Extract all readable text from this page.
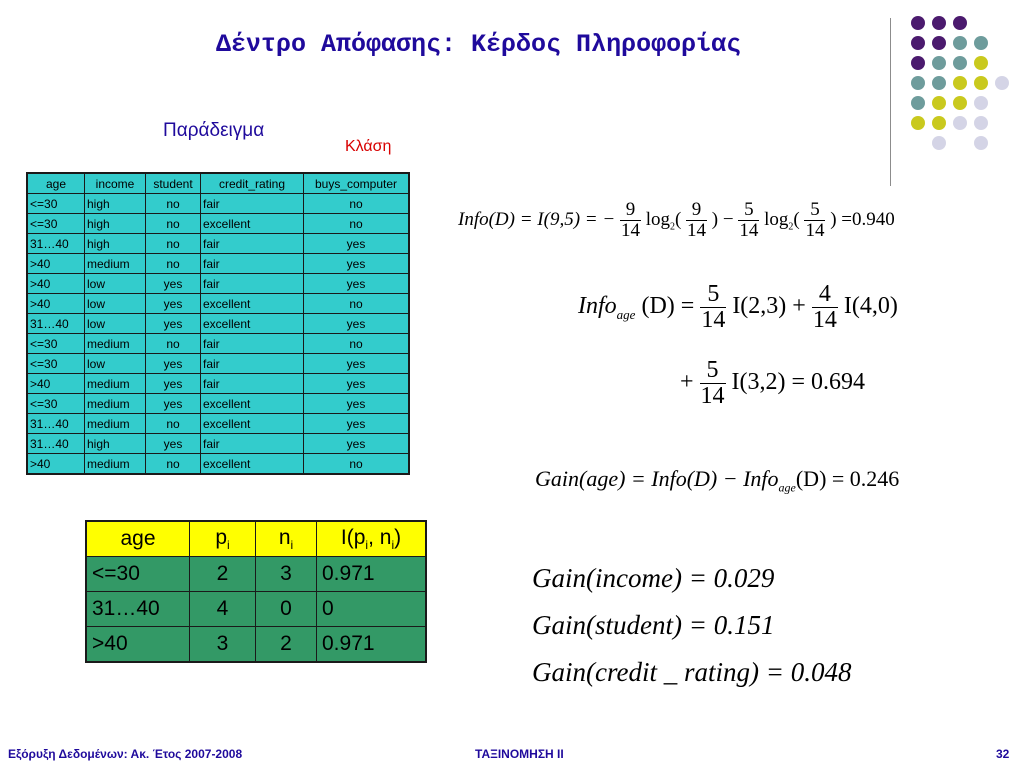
Δέντρο Απόφασης: Κέρδος Πληροφορίας
Παράδειγμα
Κλάση
age	income	student	credit_rating	buys_computer
<=30	high	no	fair	no
<=30	high	no	excellent	no
31…40	high	no	fair	yes
>40	medium	no	fair	yes
>40	low	yes	fair	yes
>40	low	yes	excellent	no
31…40	low	yes	excellent	yes
<=30	medium	no	fair	no
<=30	low	yes	fair	yes
>40	medium	yes	fair	yes
<=30	medium	yes	excellent	yes
31…40	medium	no	excellent	yes
31…40	high	yes	fair	yes
>40	medium	no	excellent	no
age	$p_i$	$n_i$	$I(p_i$, $n_i$)
<=30	2	3	0.971
31…40	4	0	0
>40	3	2	0.971
Info(D) = I(9,5) = − $\frac{9}{14} \log_2( \frac{9}{14}$ ) − $\frac{5}{14} \log_2( \frac{5}{14}$ ) =0.940
Info$_{age}$ $(D) = \frac{5}{14} I(2,3) + \frac{4}{14} I(4,0)$
+ $\frac{5}{14} I(3,2) = 0.694$
Gain(age) = Info(D) − Info$_{age}$(D) = 0.246
Gain(income) = 0.029
Gain(student) = 0.151
Gain(credit _ rating) = 0.048
Εξόρυξη Δεδομένων: Ακ. Έτος 2007-2008	ΤΑΞΙΝΟΜΗΣΗ ΙΙ	32
